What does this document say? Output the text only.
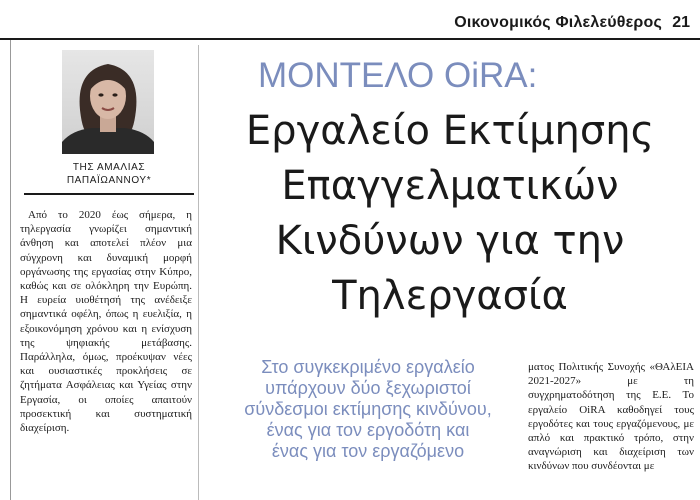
Οικονομικός Φιλελεύθερος 21
ΤΗΣ ΑΜΑΛΙΑΣ
ΠΑΠΑΪΩΑΝΝΟΥ*

Από το 2020 έως σήμερα, η τηλεργασία γνωρίζει σημαντική άνθηση και αποτελεί πλέον μια σύγχρονη και δυναμική μορφή οργάνωσης της εργασίας στην Κύπρο, καθώς και σε ολόκληρη την Ευρώπη. Η ευρεία υιοθέτησή της ανέδειξε σημαντικά οφέλη, όπως η ευελιξία, η εξοικονόμηση χρόνου και η ενίσχυση της ψηφιακής μετάβασης. Παράλληλα, όμως, προέκυψαν νέες και ουσιαστικές προκλήσεις σε ζητήματα Ασφάλειας και Υγείας στην Εργασία, οι οποίες απαιτούν προσεκτική και συστηματική διαχείριση.

ΜΟΝΤΕΛΟ OiRA:
Εργαλείο Εκτίμησης
Επαγγελματικών
Κινδύνων για την
Τηλεργασία
Στο συγκεκριμένο εργαλείο
υπάρχουν δύο ξεχωριστοί
σύνδεσμοι εκτίμησης κινδύνου,
ένας για τον εργοδότη και
ένας για τον εργαζόμενο
ματος Πολιτικής Συνοχής «ΘΑλΕΙΑ 2021-2027» με τη συγχρηματοδότηση της Ε.Ε. Το εργαλείο OiRA καθοδηγεί τους εργοδότες και τους εργαζόμενους, με απλό και πρακτικό τρόπο, στην αναγνώριση και διαχείριση των κινδύνων που συνδέονται με
